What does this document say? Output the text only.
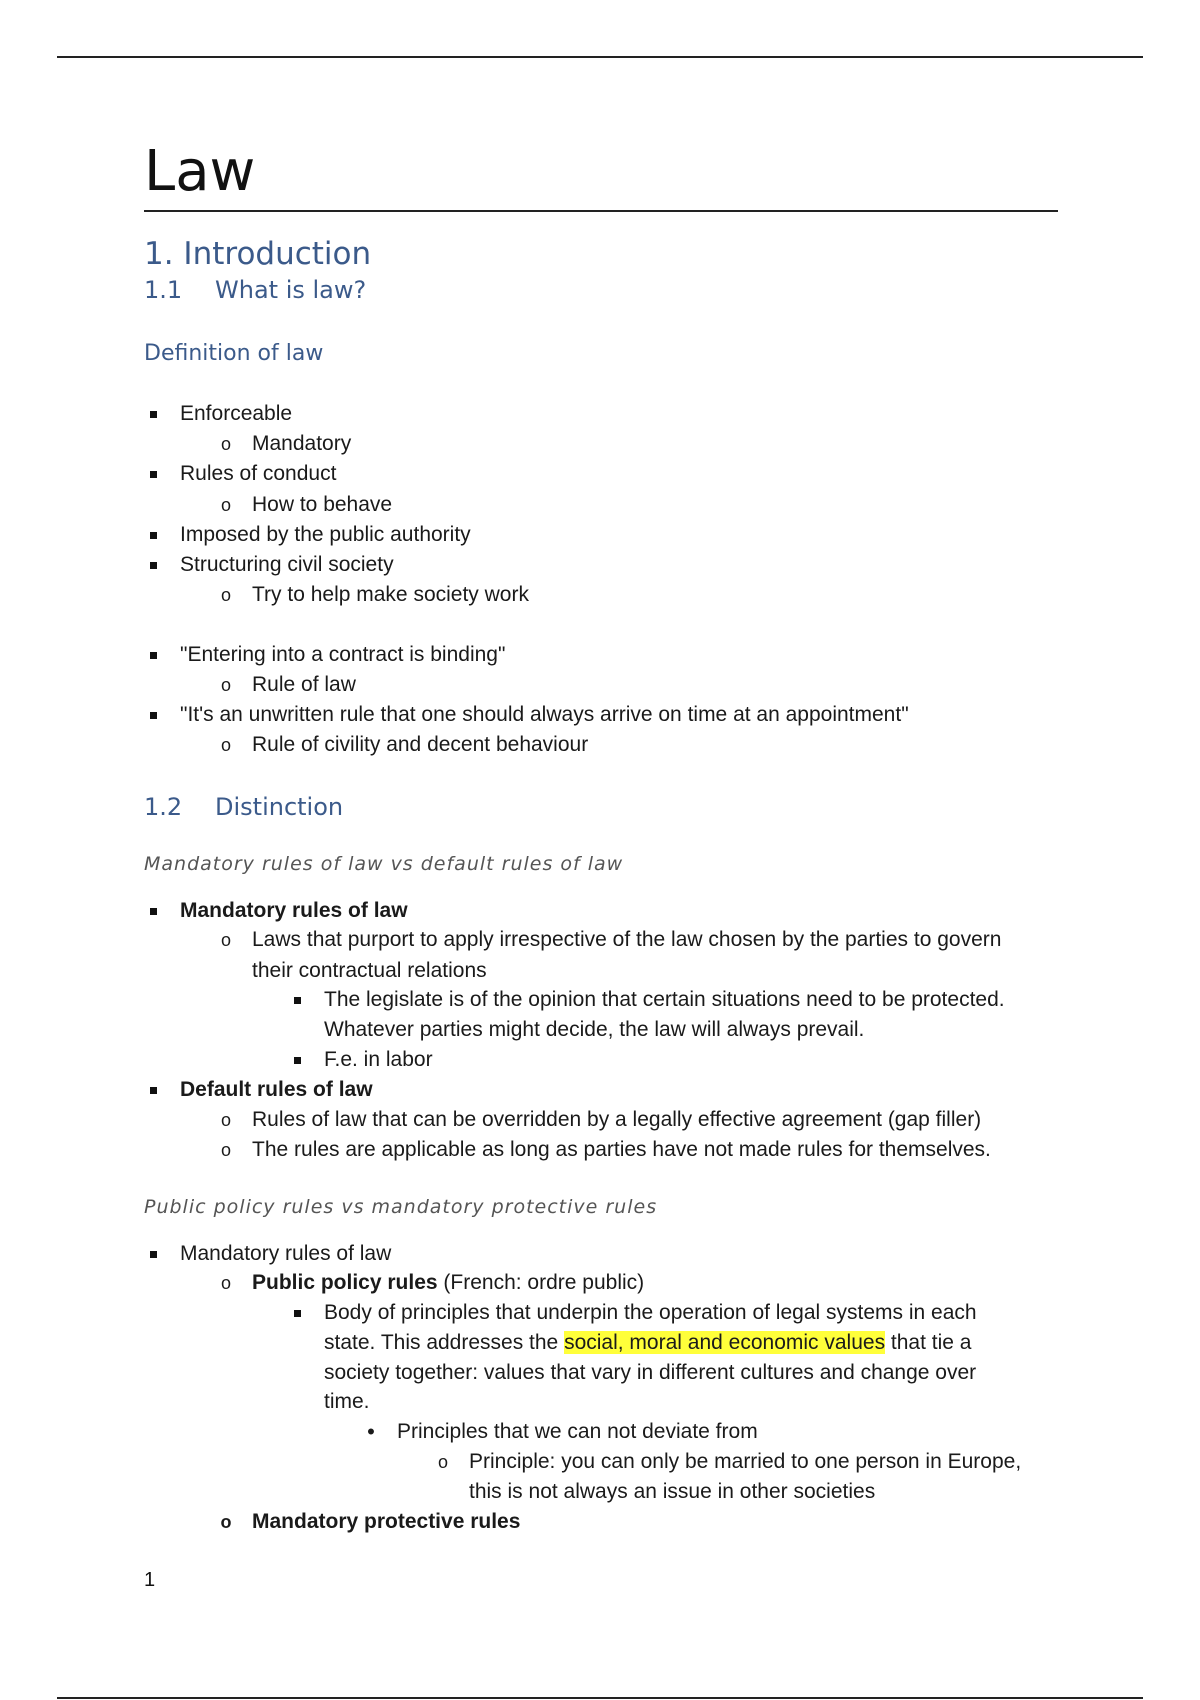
Law
1. Introduction
1.1 What is law?
Definition of law
Enforceable
o Mandatory
Rules of conduct
o How to behave
Imposed by the public authority
Structuring civil society
o Try to help make society work
"Entering into a contract is binding"
o Rule of law
"It's an unwritten rule that one should always arrive on time at an appointment"
o Rule of civility and decent behaviour
1.2 Distinction
Mandatory rules of law vs default rules of law
Mandatory rules of law
o Laws that purport to apply irrespective of the law chosen by the parties to govern
their contractual relations
The legislate is of the opinion that certain situations need to be protected.
Whatever parties might decide, the law will always prevail.
F.e. in labor
Default rules of law
o Rules of law that can be overridden by a legally effective agreement (gap filler)
o The rules are applicable as long as parties have not made rules for themselves.
Public policy rules vs mandatory protective rules
Mandatory rules of law
o Public policy rules (French: ordre public)
Body of principles that underpin the operation of legal systems in each
state. This addresses the social, moral and economic values that tie a
society together: values that vary in different cultures and change over
time.
• Principles that we can not deviate from
o Principle: you can only be married to one person in Europe,
this is not always an issue in other societies
o Mandatory protective rules
1
